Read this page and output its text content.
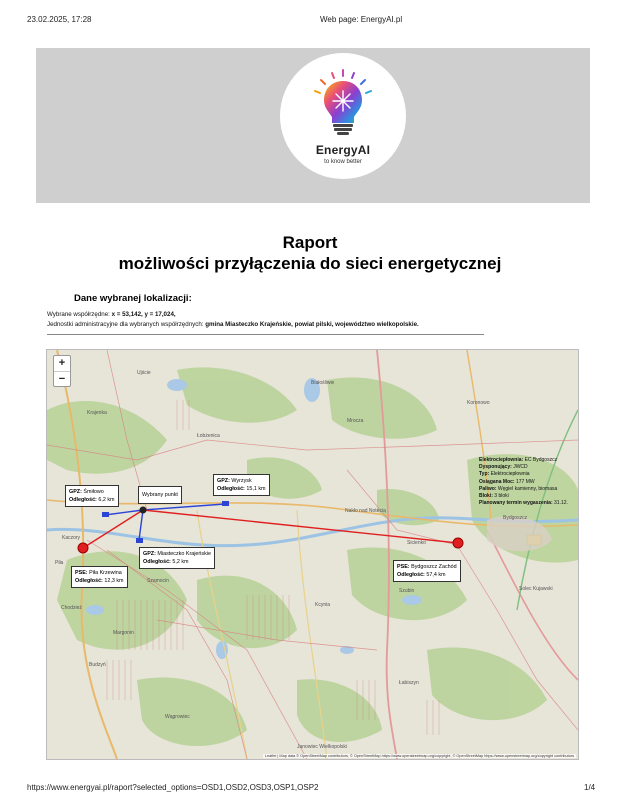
23.02.2025, 17:28	Web page: EnergyAI.pl
EnergyAI
to know better
Raport
możliwości przyłączenia do sieci energetycznej
Dane wybranej lokalizacji:
Wybrane współrzędne: x = 53,142, y = 17,024,
Jednostki administracyjne dla wybranych współrzędnych: gmina Miasteczko Krajeńskie, powiat pilski, województwo wielkopolskie.
Piła
Ujście
Kaczory
Chodzież
Budzyń
Wągrowiec
Szamocin
Margonin
Nakło nad Notecią
Mrocza
Białośliwie
Kcynia
Szubin
Łabiszyn
Janowiec Wielkopolski
Koronowo
Sicienko
Solec Kujawski
Krajenka
Łobżenica
Bydgoszcz
+
−
GPZ: Śmiłowo
Odległość: 6,2 km
Wybrany punkt
GPZ: Wyrzysk
Odległość: 15,1 km
GPZ: Miasteczko Krajeńskie
Odległość: 5,2 km
PSE: Piła Krzewina
Odległość: 12,3 km
PSE: Bydgoszcz Zachód
Odległość: 57,4 km
Elektrociepłownia: EC Bydgoszcz
Dysponujący: JWCD
Typ: Elektrociepłownia
Osiągana Moc: 177 MW
Paliwo: Węgiel kamienny, biomasa
Bloki: 3 bloki
Planowany termin wygaszenia: 31.12.
Leaflet | Map data © OpenStreetMap contributors, © OpenStreetMap https://www.openstreetmap.org/copyright, © OpenStreetMap https://www.openstreetmap.org/copyright contributors
https://www.energyai.pl/raport?selected_options=OSD1,OSD2,OSD3,OSP1,OSP2	1/4
